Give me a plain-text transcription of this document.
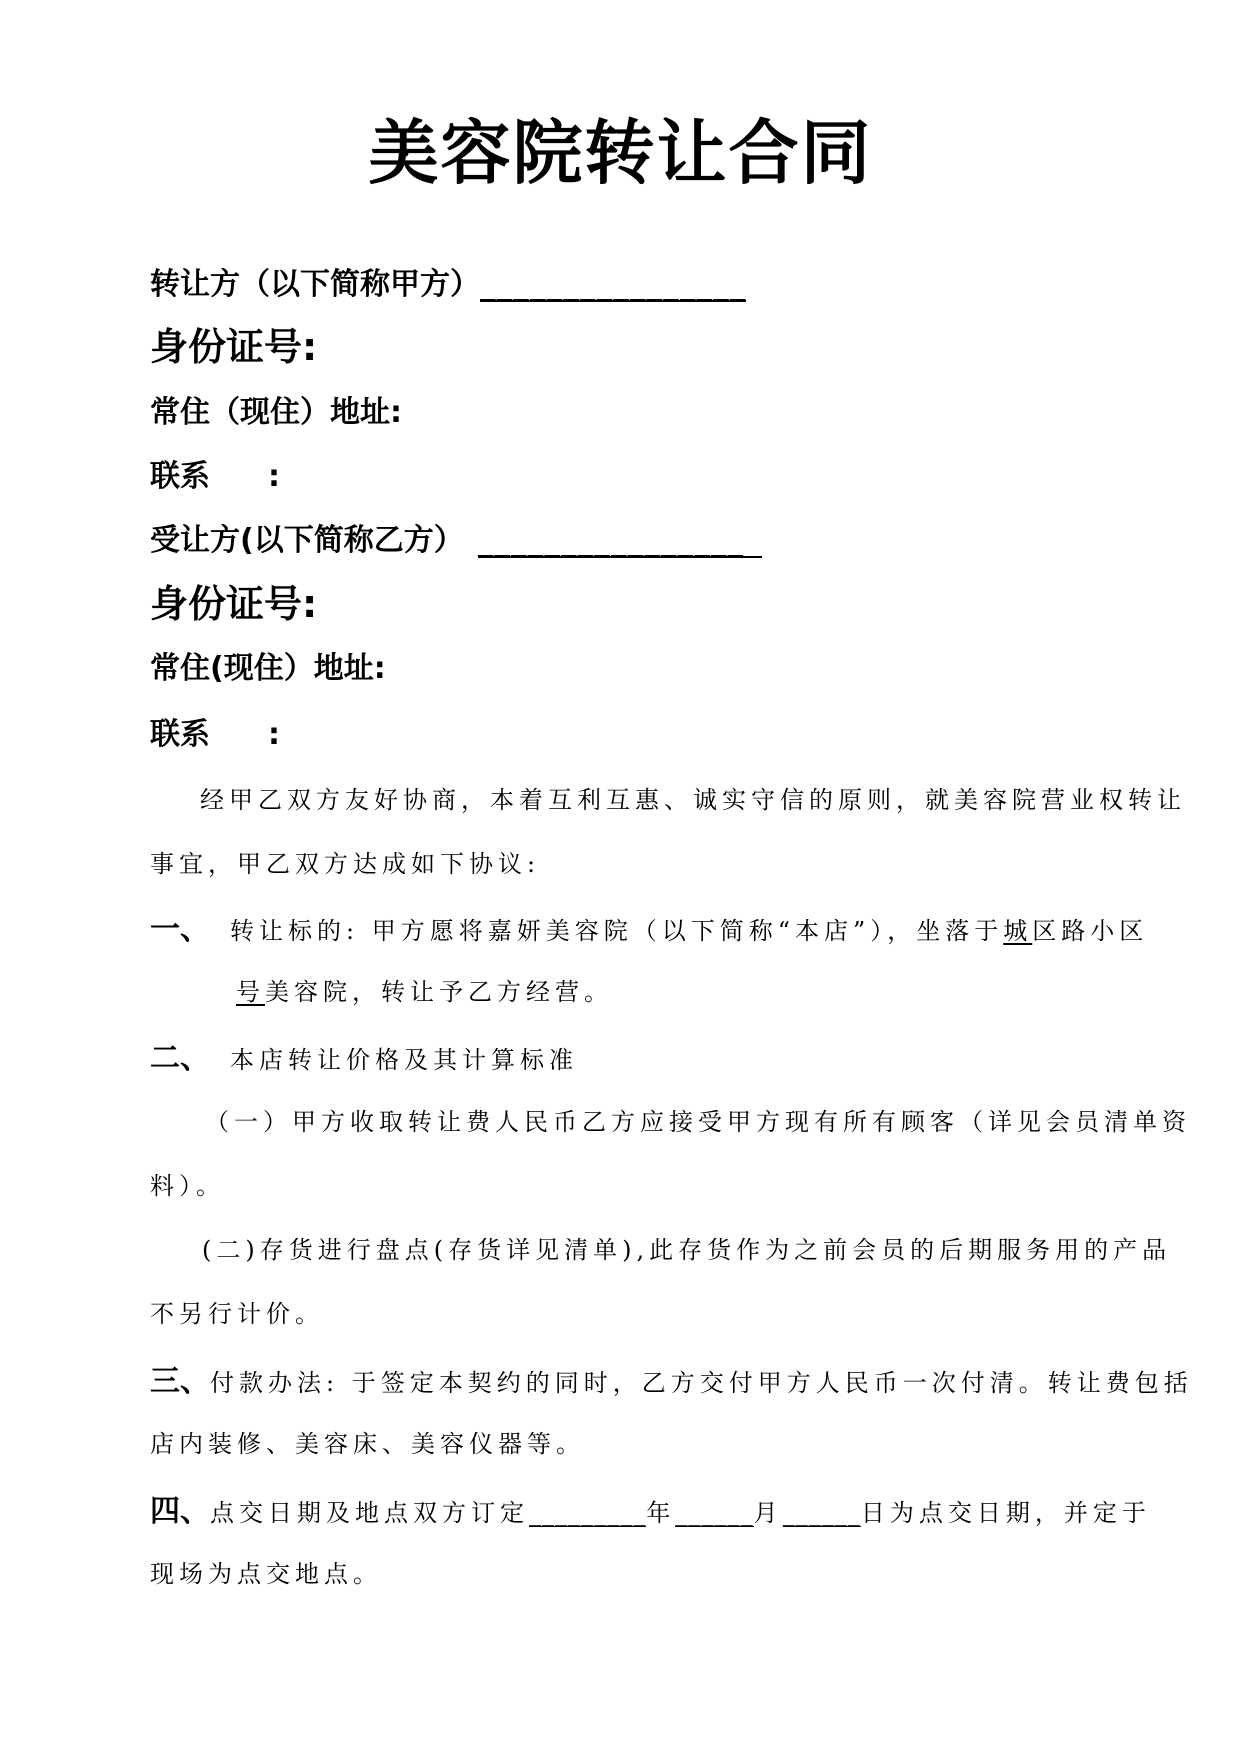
美容院转让合同
转让方（以下简称甲方）________________
身份证号:
常住（现住）地址:
联系 :
受让方(以下简称乙方） ________________
身份证号:
常住(现住）地址:
联系 :
经甲乙双方友好协商，本着互利互惠、诚实守信的原则，就美容院营业权转让
事宜，甲乙双方达成如下协议:
一、 转让标的: 甲方愿将嘉妍美容院（以下简称“本店”），坐落于城区路小区
号美容院，转让予乙方经营。
二、 本店转让价格及其计算标准
（一）甲方收取转让费人民币乙方应接受甲方现有所有顾客（详见会员清单资
料）。
(二)存货进行盘点(存货详见清单),此存货作为之前会员的后期服务用的产品
不另行计价。
三、付款办法: 于签定本契约的同时，乙方交付甲方人民币一次付清。转让费包括
店内装修、美容床、美容仪器等。
四、点交日期及地点双方订定_________年______月______日为点交日期，并定于
现场为点交地点。
